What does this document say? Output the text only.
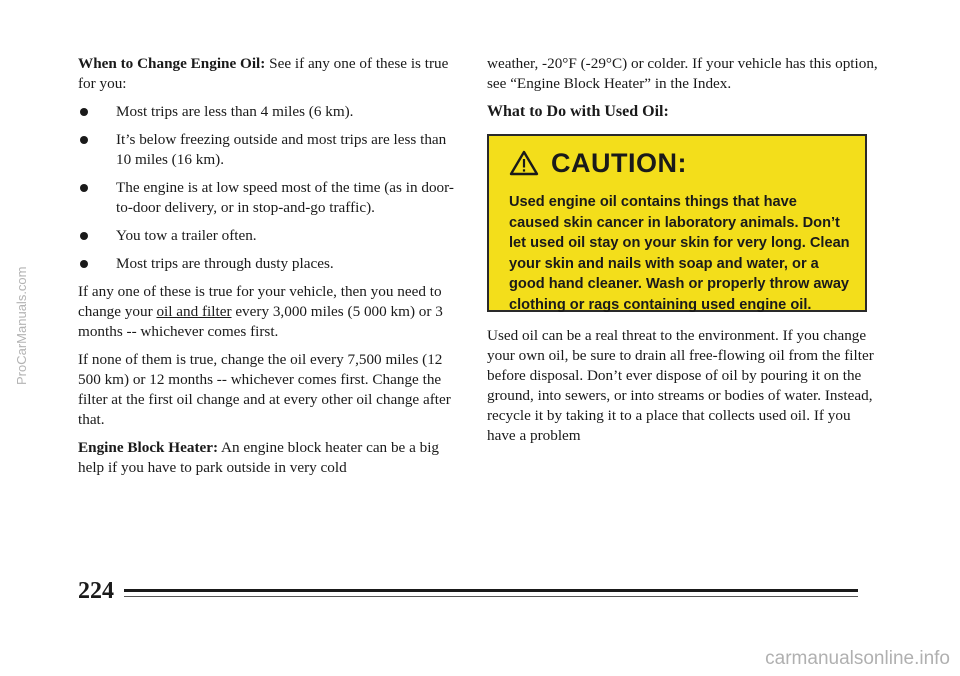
When to Change Engine Oil: See if any one of these is true for you:

Most trips are less than 4 miles (6 km).
It’s below freezing outside and most trips are less than 10 miles (16 km).
The engine is at low speed most of the time (as in door-to-door delivery, or in stop-and-go traffic).
You tow a trailer often.
Most trips are through dusty places.

If any one of these is true for your vehicle, then you need to change your oil and filter every 3,000 miles (5 000 km) or 3 months -- whichever comes first.

If none of them is true, change the oil every 7,500 miles (12 500 km) or 12 months -- whichever comes first. Change the filter at the first oil change and at every other oil change after that.

Engine Block Heater: An engine block heater can be a big help if you have to park outside in very cold

weather, -20°F (-29°C) or colder. If your vehicle has this option, see “Engine Block Heater” in the Index.

What to Do with Used Oil:
CAUTION:
Used engine oil contains things that have caused skin cancer in laboratory animals. Don’t let used oil stay on your skin for very long. Clean your skin and nails with soap and water, or a good hand cleaner. Wash or properly throw away clothing or rags containing used engine oil.

Used oil can be a real threat to the environment. If you change your own oil, be sure to drain all free-flowing oil from the filter before disposal. Don’t ever dispose of oil by pouring it on the ground, into sewers, or into streams or bodies of water. Instead, recycle it by taking it to a place that collects used oil. If you have a problem

224
ProCarManuals.com
carmanualsonline.info
